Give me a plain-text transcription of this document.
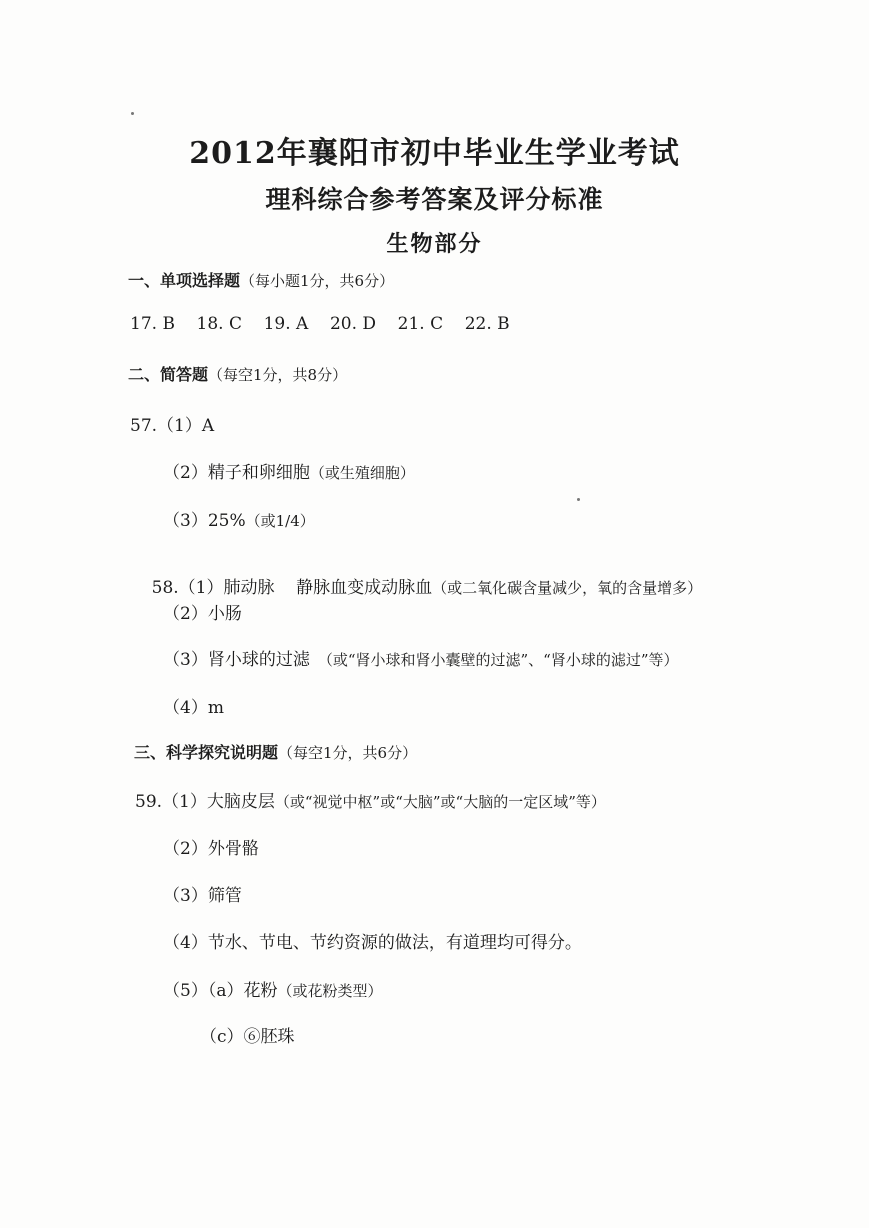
2012年襄阳市初中毕业生学业考试
理科综合参考答案及评分标准
生物部分
一、单项选择题（每小题1分，共6分）
17. B    18. C    19. A    20. D    21. C    22. B
二、简答题（每空1分，共8分）
57.（1）A
（2）精子和卵细胞（或生殖细胞）
（3）25%（或1/4）

58.（1）肺动脉    静脉血变成动脉血（或二氧化碳含量减少，氧的含量增多）

（2）小肠
（3）肾小球的过滤 （或“肾小球和肾小囊壁的过滤”、“肾小球的滤过”等）
（4）m
三、科学探究说明题（每空1分，共6分）
59.（1）大脑皮层（或“视觉中枢”或“大脑”或“大脑的一定区域”等）
（2）外骨骼
（3）筛管
（4）节水、节电、节约资源的做法，有道理均可得分。
（5）（a）花粉（或花粉类型）
（c）⑥胚珠
